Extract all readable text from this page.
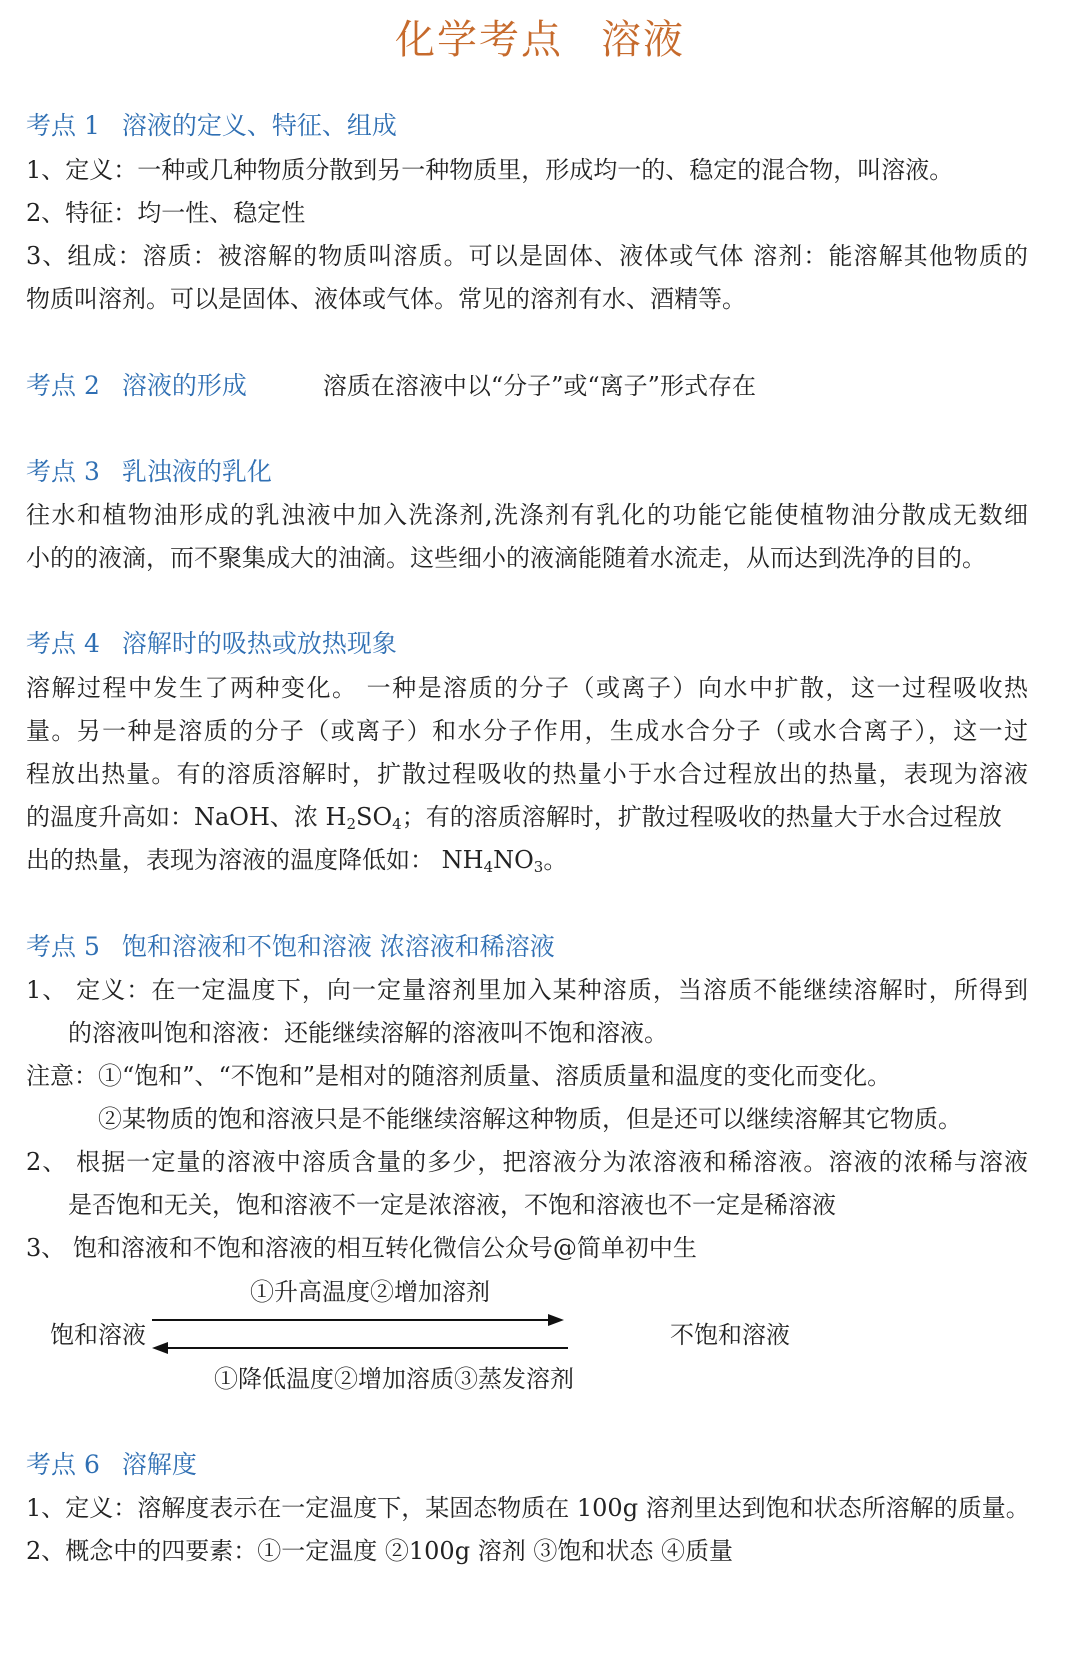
化学考点 溶液
考点 1 溶液的定义、特征、组成
1、定义：一种或几种物质分散到另一种物质里，形成均一的、稳定的混合物，叫溶液。
2、特征：均一性、稳定性
3、组成：溶质：被溶解的物质叫溶质。可以是固体、液体或气体 溶剂：能溶解其他物质的
物质叫溶剂。可以是固体、液体或气体。常见的溶剂有水、酒精等。
考点 2 溶液的形成	溶质在溶液中以“分子”或“离子”形式存在
考点 3 乳浊液的乳化
往水和植物油形成的乳浊液中加入洗涤剂,洗涤剂有乳化的功能它能使植物油分散成无数细
小的的液滴，而不聚集成大的油滴。这些细小的液滴能随着水流走，从而达到洗净的目的。
考点 4 溶解时的吸热或放热现象
溶解过程中发生了两种变化。 一种是溶质的分子（或离子）向水中扩散，这一过程吸收热
量。另一种是溶质的分子（或离子）和水分子作用，生成水合分子（或水合离子），这一过
程放出热量。有的溶质溶解时，扩散过程吸收的热量小于水合过程放出的热量，表现为溶液
的温度升高如：NaOH、浓 $H_2SO_4$；有的溶质溶解时，扩散过程吸收的热量大于水合过程放
出的热量，表现为溶液的温度降低如： $NH_4NO_3$。
考点 5 饱和溶液和不饱和溶液 浓溶液和稀溶液
1、 定义：在一定温度下，向一定量溶剂里加入某种溶质，当溶质不能继续溶解时，所得到
的溶液叫饱和溶液：还能继续溶解的溶液叫不饱和溶液。
注意：①“饱和”、“不饱和”是相对的随溶剂质量、溶质质量和温度的变化而变化。
②某物质的饱和溶液只是不能继续溶解这种物质，但是还可以继续溶解其它物质。
2、 根据一定量的溶液中溶质含量的多少，把溶液分为浓溶液和稀溶液。溶液的浓稀与溶液
是否饱和无关，饱和溶液不一定是浓溶液，不饱和溶液也不一定是稀溶液
3、 饱和溶液和不饱和溶液的相互转化微信公众号@简单初中生
①升高温度②增加溶剂
饱和溶液	不饱和溶液
①降低温度②增加溶质③蒸发溶剂
考点 6 溶解度
1、定义：溶解度表示在一定温度下，某固态物质在 100g 溶剂里达到饱和状态所溶解的质量。
2、概念中的四要素：①一定温度 ②100g 溶剂 ③饱和状态 ④质量
